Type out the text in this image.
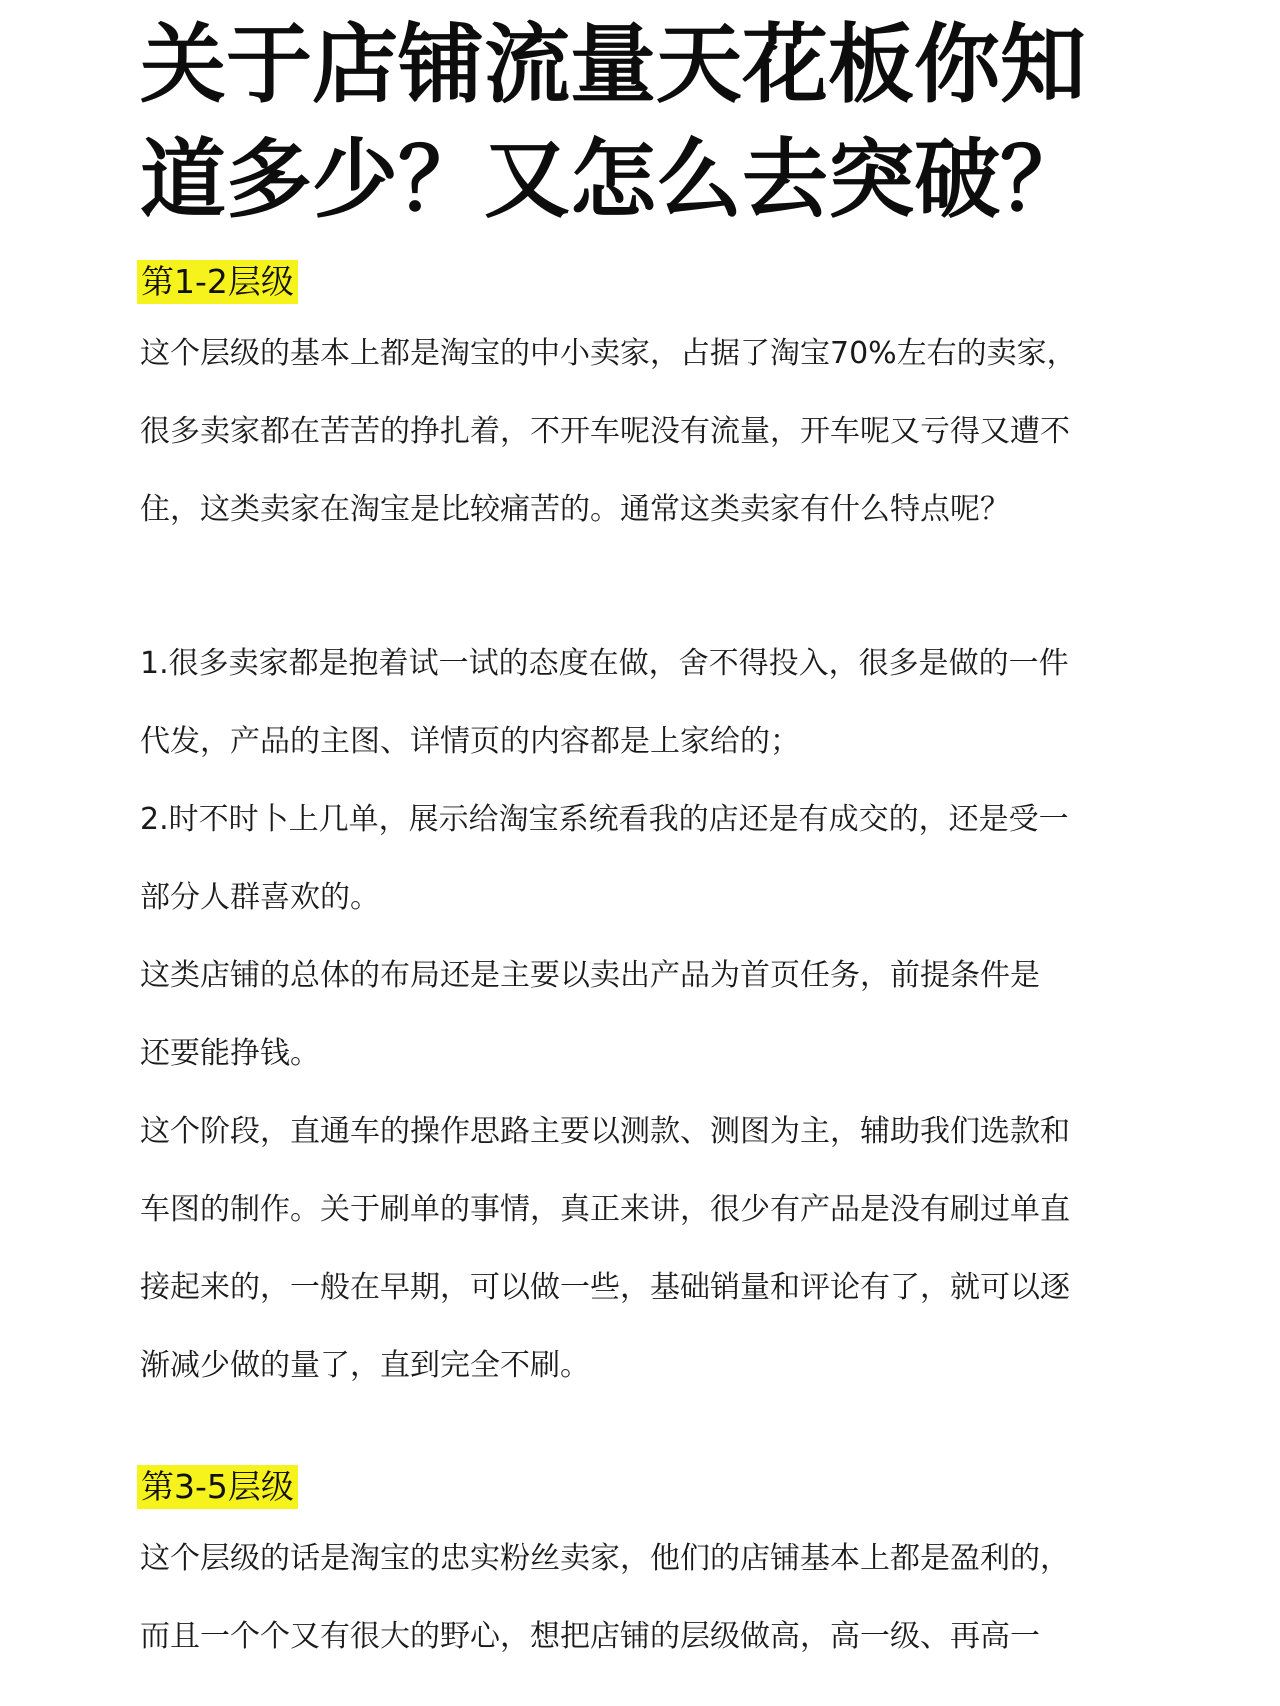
关于店铺流量天花板你知
道多少？又怎么去突破？
第1-2层级
这个层级的基本上都是淘宝的中小卖家，占据了淘宝70%左右的卖家，
很多卖家都在苦苦的挣扎着，不开车呢没有流量，开车呢又亏得又遭不
住，这类卖家在淘宝是比较痛苦的。通常这类卖家有什么特点呢？
1.很多卖家都是抱着试一试的态度在做，舍不得投入，很多是做的一件
代发，产品的主图、详情页的内容都是上家给的；
2.时不时卜上几单，展示给淘宝系统看我的店还是有成交的，还是受一
部分人群喜欢的。
这类店铺的总体的布局还是主要以卖出产品为首页任务，前提条件是
还要能挣钱。
这个阶段，直通车的操作思路主要以测款、测图为主，辅助我们选款和
车图的制作。关于刷单的事情，真正来讲，很少有产品是没有刷过单直
接起来的，一般在早期，可以做一些，基础销量和评论有了，就可以逐
渐减少做的量了，直到完全不刷。
第3-5层级
这个层级的话是淘宝的忠实粉丝卖家，他们的店铺基本上都是盈利的，
而且一个个又有很大的野心，想把店铺的层级做高，高一级、再高一
